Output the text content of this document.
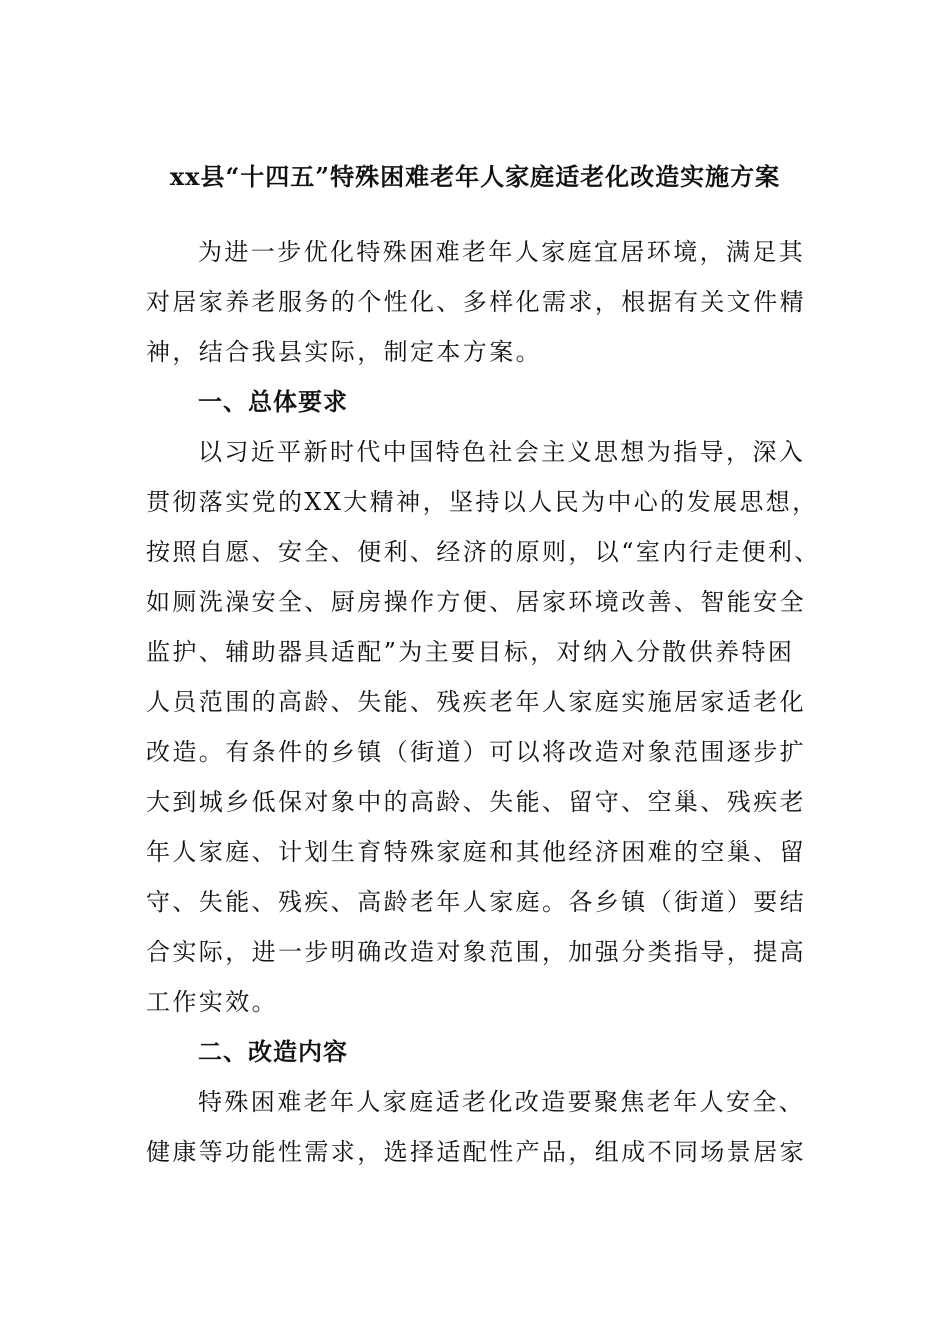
xx县“十四五”特殊困难老年人家庭适老化改造实施方案
为进一步优化特殊困难老年人家庭宜居环境，满足其
对居家养老服务的个性化、多样化需求，根据有关文件精
神，结合我县实际，制定本方案。
一、总体要求
以习近平新时代中国特色社会主义思想为指导，深入
贯彻落实党的XX大精神，坚持以人民为中心的发展思想，
按照自愿、安全、便利、经济的原则，以“室内行走便利、
如厕洗澡安全、厨房操作方便、居家环境改善、智能安全
监护、辅助器具适配”为主要目标，对纳入分散供养特困
人员范围的高龄、失能、残疾老年人家庭实施居家适老化
改造。有条件的乡镇（街道）可以将改造对象范围逐步扩
大到城乡低保对象中的高龄、失能、留守、空巢、残疾老
年人家庭、计划生育特殊家庭和其他经济困难的空巢、留
守、失能、残疾、高龄老年人家庭。各乡镇（街道）要结
合实际，进一步明确改造对象范围，加强分类指导，提高
工作实效。
二、改造内容
特殊困难老年人家庭适老化改造要聚焦老年人安全、
健康等功能性需求，选择适配性产品，组成不同场景居家
